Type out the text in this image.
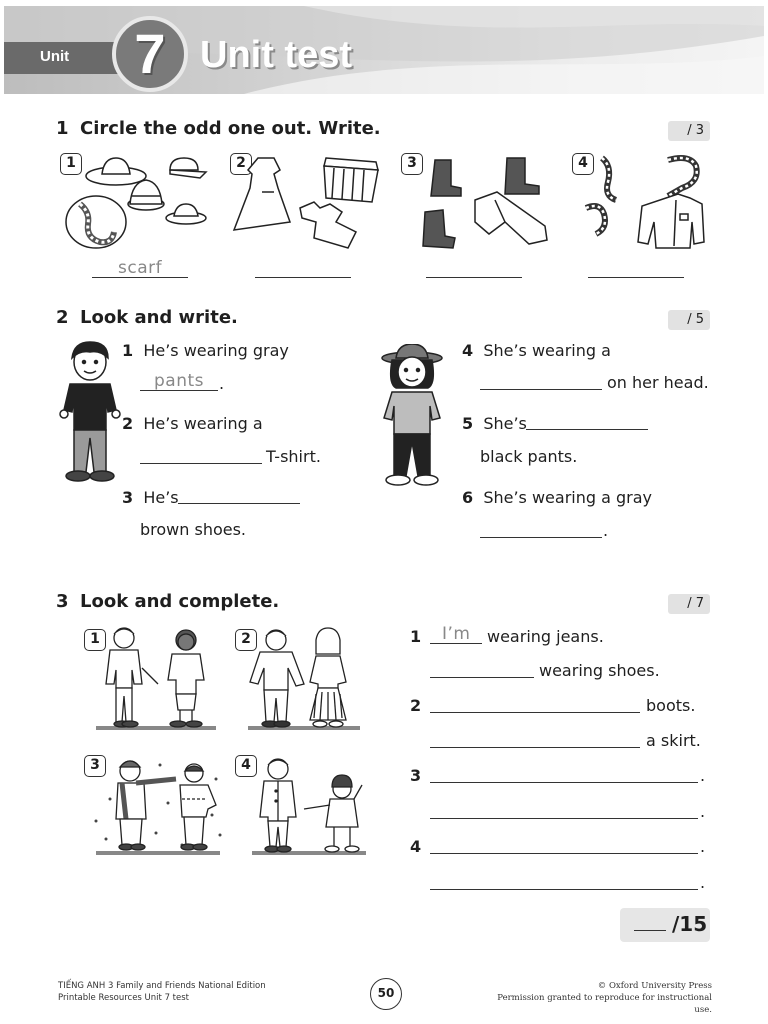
Unit	7 Unit test
1 Circle the odd one out. Write.	/ 3
1	2	3	4
scarf
2 Look and write.	/ 5
1 He’s wearing gray
pants .
2 He’s wearing a
T-shirt.
3 He’s
brown shoes.
4 She’s wearing a
on her head.
5 She’s
black pants.
6 She’s wearing a gray
.
3 Look and complete.	/ 7
1	2
3	4
1 I’m wearing jeans.
wearing shoes.
2	boots.
a skirt.
3	.
.
4	.
.
/15
TIẾNG ANH 3 Family and Friends National Edition
Printable Resources Unit 7 test	50	© Oxford University Press
Permission granted to reproduce for instructional use.
